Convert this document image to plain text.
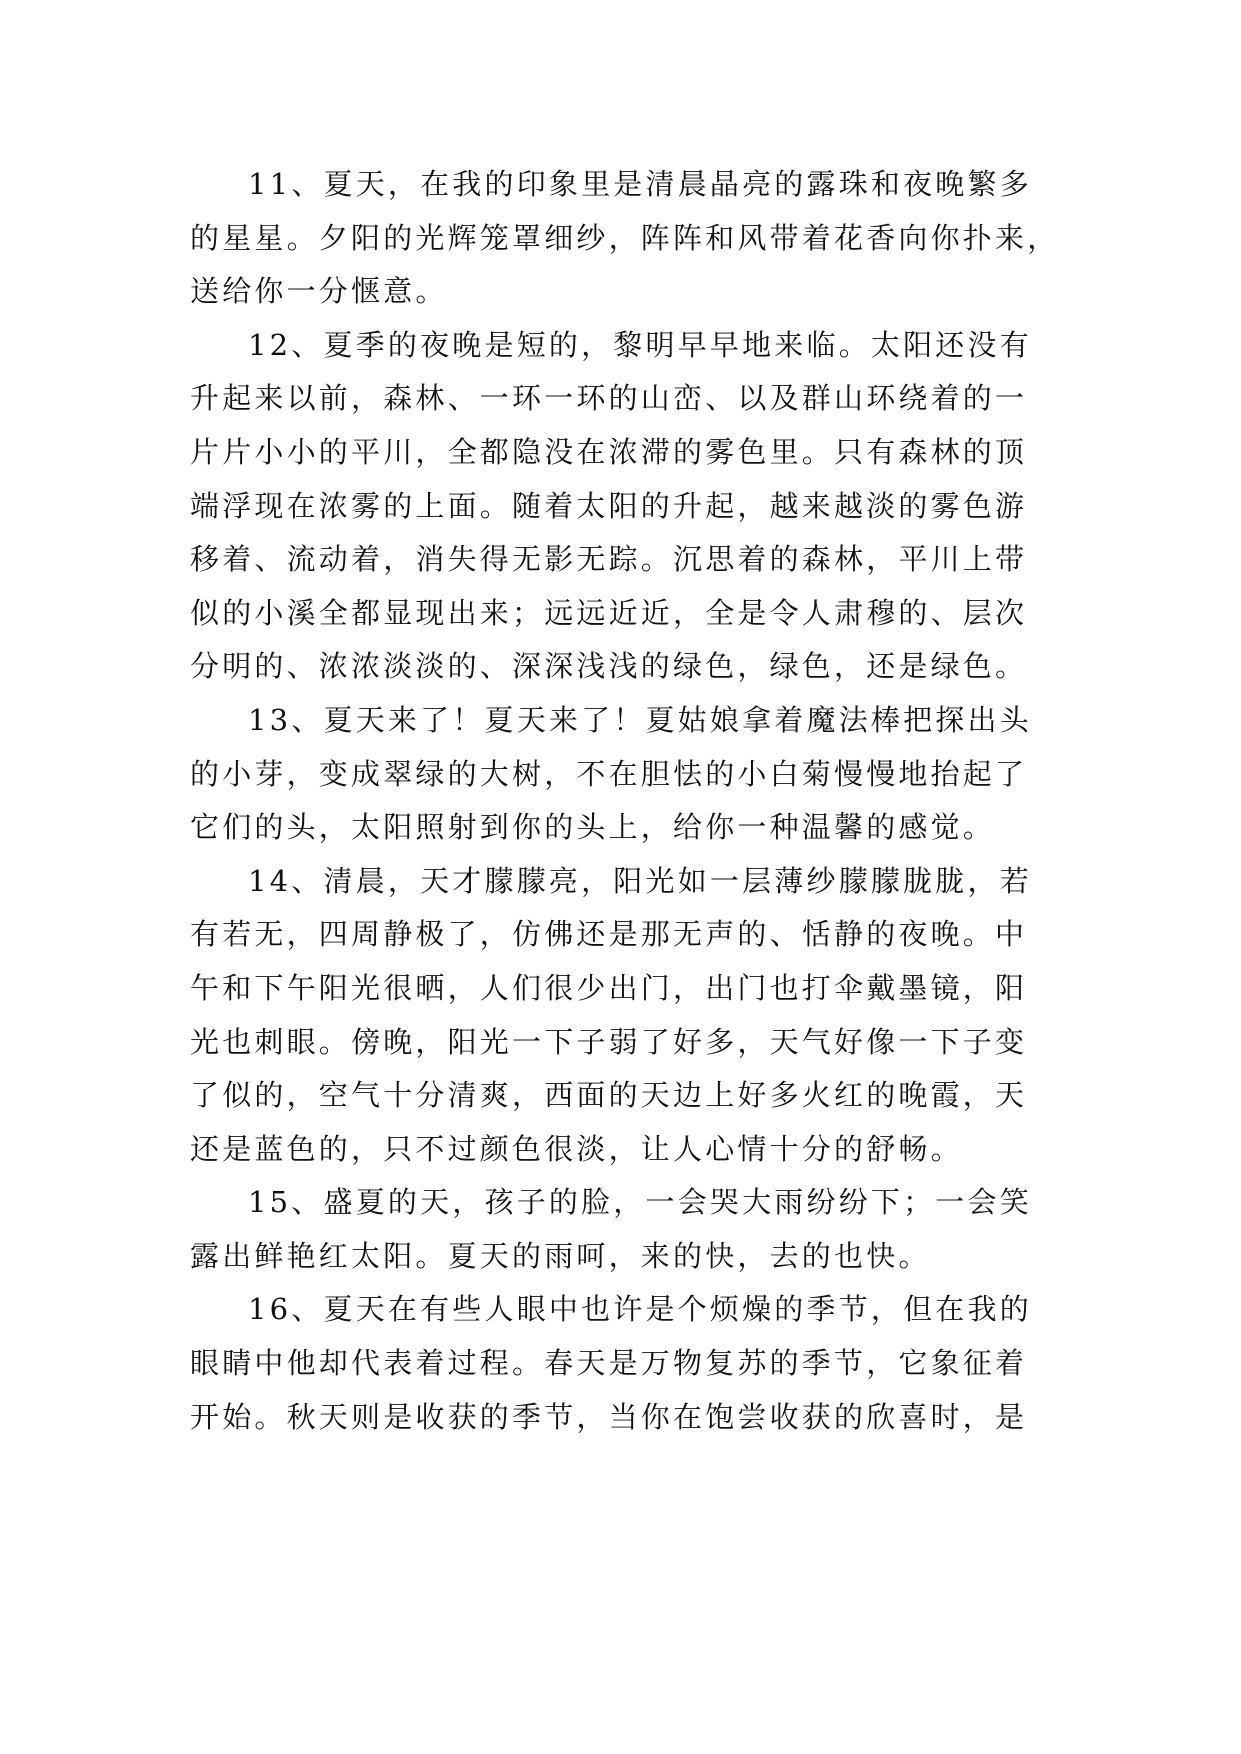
11、夏天，在我的印象里是清晨晶亮的露珠和夜晚繁多
的星星。夕阳的光辉笼罩细纱，阵阵和风带着花香向你扑来，
送给你一分惬意。
12、夏季的夜晚是短的，黎明早早地来临。太阳还没有
升起来以前，森林、一环一环的山峦、以及群山环绕着的一
片片小小的平川，全都隐没在浓滞的雾色里。只有森林的顶
端浮现在浓雾的上面。随着太阳的升起，越来越淡的雾色游
移着、流动着，消失得无影无踪。沉思着的森林，平川上带
似的小溪全都显现出来；远远近近，全是令人肃穆的、层次
分明的、浓浓淡淡的、深深浅浅的绿色，绿色，还是绿色。
13、夏天来了！夏天来了！夏姑娘拿着魔法棒把探出头
的小芽，变成翠绿的大树，不在胆怯的小白菊慢慢地抬起了
它们的头，太阳照射到你的头上，给你一种温馨的感觉。
14、清晨，天才朦朦亮，阳光如一层薄纱朦朦胧胧，若
有若无，四周静极了，仿佛还是那无声的、恬静的夜晚。中
午和下午阳光很晒，人们很少出门，出门也打伞戴墨镜，阳
光也刺眼。傍晚，阳光一下子弱了好多，天气好像一下子变
了似的，空气十分清爽，西面的天边上好多火红的晚霞，天
还是蓝色的，只不过颜色很淡，让人心情十分的舒畅。
15、盛夏的天，孩子的脸，一会哭大雨纷纷下；一会笑
露出鲜艳红太阳。夏天的雨呵，来的快，去的也快。
16、夏天在有些人眼中也许是个烦燥的季节，但在我的
眼睛中他却代表着过程。春天是万物复苏的季节，它象征着
开始。秋天则是收获的季节，当你在饱尝收获的欣喜时，是
